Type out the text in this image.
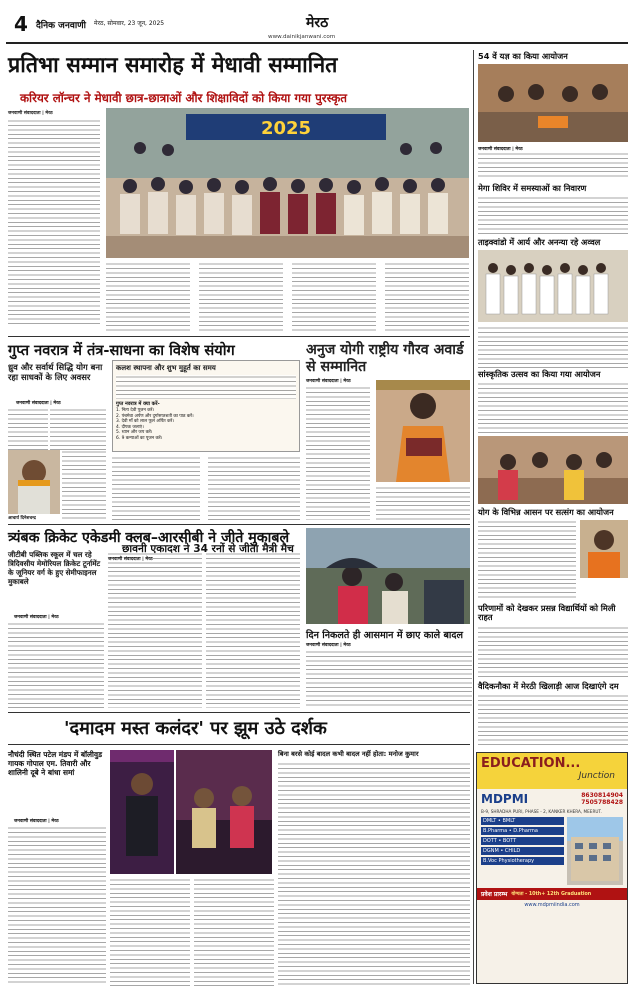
4 दैनिक जनवाणी मेरठ, सोमवार, 23 जून, 2025	मेरठ
www.dainikjanwani.com
प्रतिभा सम्मान समारोह में मेधावी सम्मानित
करियर लॉन्चर ने मेधावी छात्र-छात्राओं और शिक्षाविदों को किया गया पुरस्कृत
जनवाणी संवाददाता | मेरठ
2025
गुप्त नवरात्र में तंत्र-साधना का विशेष संयोग
ध्रुव और सर्वार्थ सिद्धि योग बना रहा साधकों के लिए अवसर
जनवाणी संवाददाता | मेरठ
आचार्य दिनेशचन्द्र
कलश स्थापना और शुभ मुहूर्त का समय
गुप्त नवरात्र में क्या करें-
1. नित्य देवी पूजन करें।
2. पंचमेवा अर्पण और दुर्गासप्तशती का पाठ करें।
3. देवी माँ को लाल फूल अर्पित करें।
4. दीपक जलाएं।
5. ध्यान और जप करें।
6. 9 कन्याओं का पूजन करें।
अनुज योगी राष्ट्रीय गौरव अवार्ड से सम्मानित
जनवाणी संवाददाता | मेरठ
त्र्यंबक क्रिकेट एकेडमी क्लब–आरसीबी ने जीते मुकाबले
जीटीबी पब्लिक स्कूल में चल रहे त्रिदिवसीय मेमोरियल क्रिकेट टूर्नामेंट के जूनियर वर्ग के हुए सेमीफाइनल मुकाबले
जनवाणी संवाददाता | मेरठ
छावनी एकादश ने 34 रनों से जीता मैत्री मैच
जनवाणी संवाददाता | मेरठ
दिन निकलते ही आसमान में छाए काले बादल
जनवाणी संवाददाता | मेरठ
'दमादम मस्त कलंदर' पर झूम उठे दर्शक
नौचंदी स्थित पटेल मंडप में बॉलीवुड गायक गोपाल एम. तिवारी और शालिनी दूबे ने बांधा समां
जनवाणी संवाददाता | मेरठ
बिना बरसे कोई बादल कभी बादल नहीं होता: मनोज कुमार
54 वें यज्ञ का किया आयोजन
जनवाणी संवाददाता | मेरठ
मेगा शिविर में समस्याओं का निवारण
ताइक्वांडो में आर्य और अनन्या रहे अव्वल
सांस्कृतिक उत्सव का किया गया आयोजन
योग के विभिन्न आसन पर सत्संग का आयोजन
परिणामों को देखकर प्रसन्न विद्यार्थियों को मिली राहत
वैदिकनौका में मेरठी खिलाड़ी आज दिखाएंगे दम
EDUCATION...
Junction
MDPMI	8630814904
7505788428
B-9, SHRADHA PURI, PHASE - 2, KANKER KHERA, MEERUT.
DMLT • BMLT
B.Pharma • D.Pharma
DOTT • BOTT
DGNM • CHILD
B.Voc Physiotherapy
प्रवेश प्रारम्भ योग्यता - 10th+ 12th Graduation
www.mdpmiindia.com
